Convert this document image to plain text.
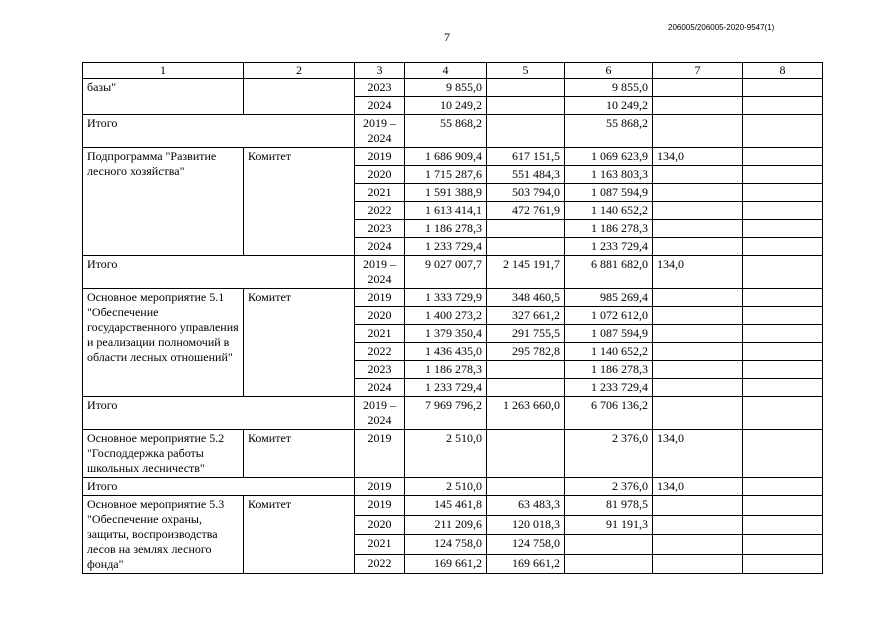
7
206005/206005-2020-9547(1)
1	2	3	4	5	6	7	8
базы"		2023	9 855,0		9 855,0		
		2024	10 249,2		10 249,2		
Итого		2019 – 2024	55 868,2		55 868,2		
Подпрограмма "Развитие лесного хозяйства"	Комитет	2019	1 686 909,4	617 151,5	1 069 623,9	134,0	
		2020	1 715 287,6	551 484,3	1 163 803,3		
		2021	1 591 388,9	503 794,0	1 087 594,9		
		2022	1 613 414,1	472 761,9	1 140 652,2		
		2023	1 186 278,3		1 186 278,3		
		2024	1 233 729,4		1 233 729,4		
Итого		2019 – 2024	9 027 007,7	2 145 191,7	6 881 682,0	134,0	
Основное мероприятие 5.1 "Обеспечение государственного управления и реализации полномочий в области лесных отношений"	Комитет	2019	1 333 729,9	348 460,5	985 269,4		
		2020	1 400 273,2	327 661,2	1 072 612,0		
		2021	1 379 350,4	291 755,5	1 087 594,9		
		2022	1 436 435,0	295 782,8	1 140 652,2		
		2023	1 186 278,3		1 186 278,3		
		2024	1 233 729,4		1 233 729,4		
Итого		2019 – 2024	7 969 796,2	1 263 660,0	6 706 136,2		
Основное мероприятие 5.2 "Господдержка работы школьных лесничеств"	Комитет	2019	2 510,0		2 376,0	134,0	
Итого		2019	2 510,0		2 376,0	134,0	
Основное мероприятие 5.3 "Обеспечение охраны, защиты, воспроизводства лесов на землях лесного фонда"	Комитет	2019	145 461,8	63 483,3	81 978,5		
		2020	211 209,6	120 018,3	91 191,3		
		2021	124 758,0	124 758,0			
		2022	169 661,2	169 661,2			
